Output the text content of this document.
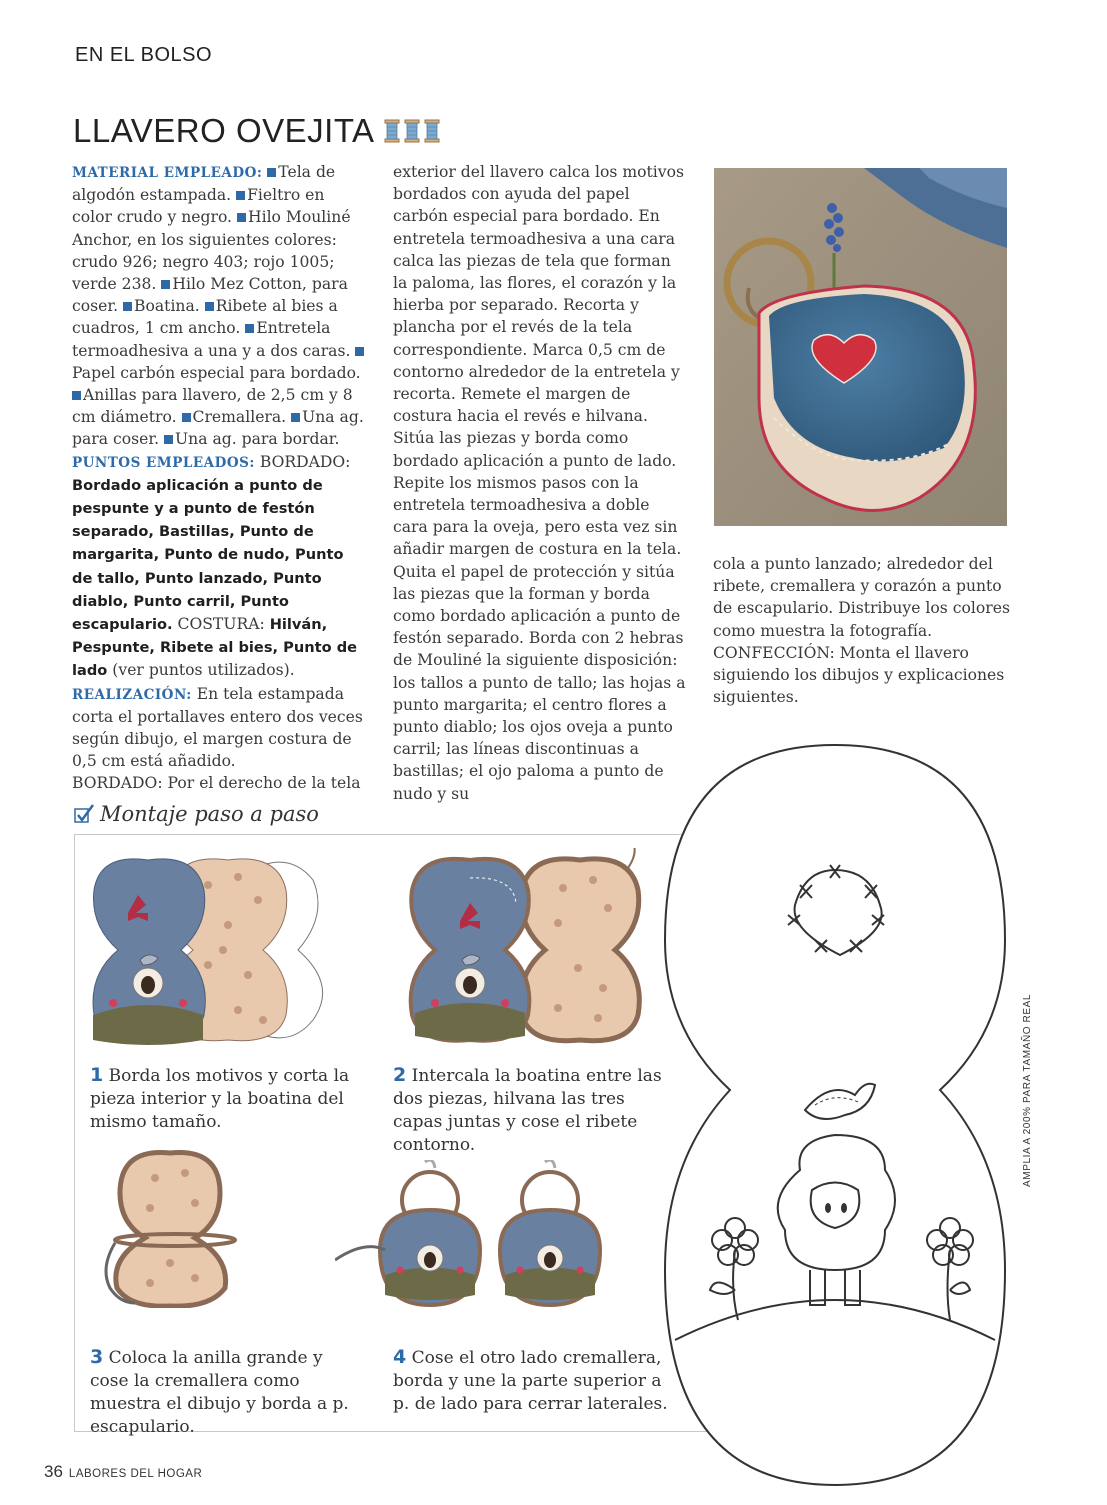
EN EL BOLSO
LLAVERO OVEJITA

MATERIAL EMPLEADO: Tela de algodón estampada. Fieltro en color crudo y negro. Hilo Mouliné Anchor, en los siguientes colores: crudo 926; negro 403; rojo 1005; verde 238. Hilo Mez Cotton, para coser. Boatina. Ribete al bies a cuadros, 1 cm ancho. Entretela termoadhesiva a una y a dos caras. Papel carbón especial para bordado. Anillas para llavero, de 2,5 cm y 8 cm diámetro. Cremallera. Una ag. para coser. Una ag. para bordar.

PUNTOS EMPLEADOS: BORDADO: Bordado aplicación a punto de pespunte y a punto de festón separado, Bastillas, Punto de margarita, Punto de nudo, Punto de tallo, Punto lanzado, Punto diablo, Punto carril, Punto escapulario. COSTURA: Hilván, Pespunte, Ribete al bies, Punto de lado (ver puntos utilizados).

REALIZACIÓN: En tela estampada corta el portallaves entero dos veces según dibujo, el margen costura de 0,5 cm está añadido.

BORDADO: Por el derecho de la tela

exterior del llavero calca los motivos bordados con ayuda del papel carbón especial para bordado. En entretela termoadhesiva a una cara calca las piezas de tela que forman la paloma, las flores, el corazón y la hierba por separado. Recorta y plancha por el revés de la tela correspondiente. Marca 0,5 cm de contorno alrededor de la entretela y recorta. Remete el margen de costura hacia el revés e hilvana. Sitúa las piezas y borda como bordado aplicación a punto de lado. Repite los mismos pasos con la entretela termoadhesiva a doble cara para la oveja, pero esta vez sin añadir margen de costura en la tela. Quita el papel de protección y sitúa las piezas que la forman y borda como bordado aplicación a punto de festón separado. Borda con 2 hebras de Mouliné la siguiente disposición: los tallos a punto de tallo; las hojas a punto margarita; el centro flores a punto diablo; los ojos oveja a punto carril; las líneas discontinuas a bastillas; el ojo paloma a punto de nudo y su
cola a punto lanzado; alrededor del ribete, cremallera y corazón a punto de escapulario. Distribuye los colores como muestra la fotografía. CONFECCIÓN: Monta el llavero siguiendo los dibujos y explicaciones siguientes.
Montaje paso a paso
1 Borda los motivos y corta la pieza interior y la boatina del mismo tamaño.
2 Intercala la boatina entre las dos piezas, hilvana las tres capas juntas y cose el ribete contorno.
3 Coloca la anilla grande y cose la cremallera como muestra el dibujo y borda a p. escapulario.
4 Cose el otro lado cremallera, borda y une la parte superior a p. de lado para cerrar laterales.
AMPLIA A 200% PARA TAMAÑO REAL
36 LABORES DEL HOGAR
